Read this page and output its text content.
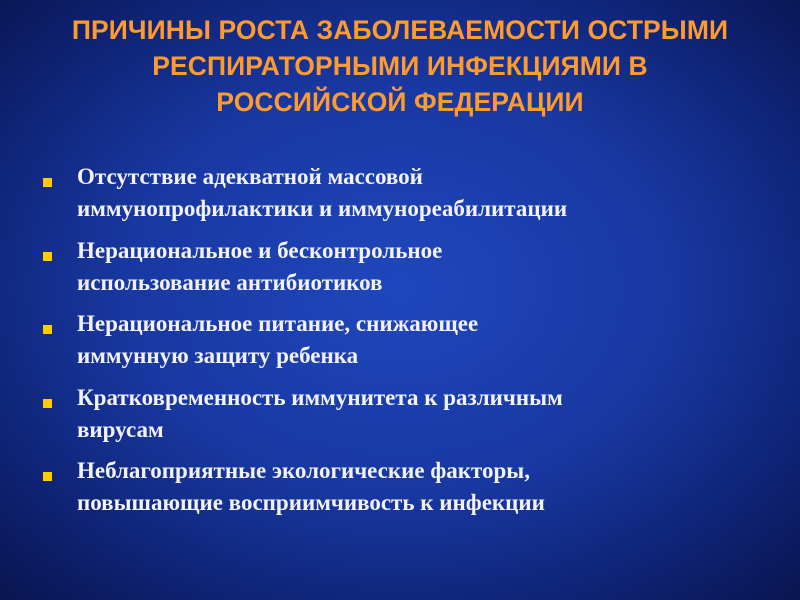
ПРИЧИНЫ РОСТА ЗАБОЛЕВАЕМОСТИ ОСТРЫМИ
РЕСПИРАТОРНЫМИ ИНФЕКЦИЯМИ В
РОССИЙСКОЙ ФЕДЕРАЦИИ
Отсутствие адекватной массовой
иммунопрофилактики и иммунореабилитации
Нерациональное и бесконтрольное
использование антибиотиков
Нерациональное питание, снижающее
иммунную защиту ребенка
Кратковременность иммунитета к различным
вирусам
Неблагоприятные экологические факторы,
повышающие восприимчивость к инфекции
